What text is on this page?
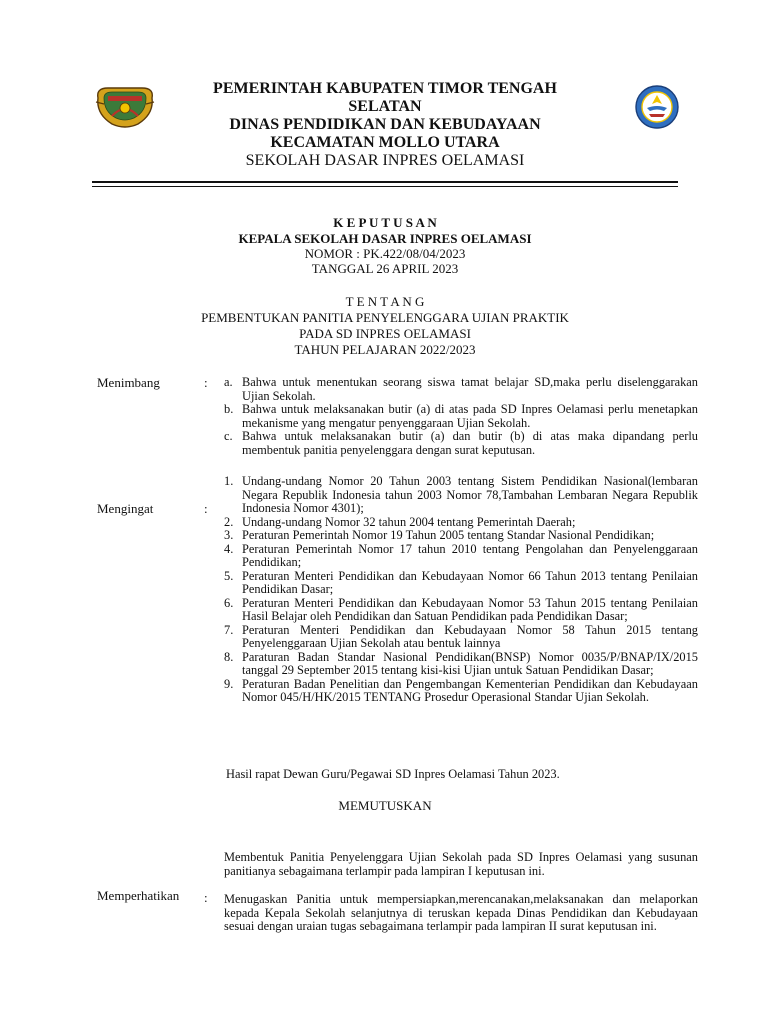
PEMERINTAH KABUPATEN TIMOR TENGAH
SELATAN
DINAS PENDIDIKAN DAN KEBUDAYAAN
KECAMATAN MOLLO UTARA
SEKOLAH DASAR INPRES OELAMASI
K E P U T U S A N
KEPALA SEKOLAH DASAR INPRES OELAMASI
NOMOR : PK.422/08/04/2023
TANGGAL 26 APRIL 2023
T E N T A N G
PEMBENTUKAN PANITIA PENYELENGGARA UJIAN PRAKTIK
PADA SD INPRES OELAMASI
TAHUN PELAJARAN 2022/2023
Menimbang	: a. Bahwa untuk menentukan seorang siswa tamat belajar SD,maka perlu diselenggarakan Ujian Sekolah.
b. Bahwa untuk melaksanakan butir (a) di atas pada SD Inpres Oelamasi perlu menetapkan mekanisme yang mengatur penyenggaraan Ujian Sekolah.
c. Bahwa untuk melaksanakan butir (a) dan butir (b) di atas maka dipandang perlu membentuk panitia penyelenggara dengan surat keputusan.
Mengingat	:
1. Undang-undang Nomor 20 Tahun 2003 tentang Sistem Pendidikan Nasional(lembaran Negara Republik Indonesia tahun 2003 Nomor 78,Tambahan Lembaran Negara Republik Indonesia Nomor 4301);
2. Undang-undang Nomor 32 tahun 2004 tentang Pemerintah Daerah;
3. Peraturan Pemerintah Nomor 19 Tahun 2005 tentang Standar Nasional Pendidikan;
4. Peraturan Pemerintah Nomor 17 tahun 2010 tentang Pengolahan dan Penyelenggaraan Pendidikan;
5. Peraturan Menteri Pendidikan dan Kebudayaan Nomor 66 Tahun 2013 tentang Penilaian Pendidikan Dasar;
6. Peraturan Menteri Pendidikan dan Kebudayaan Nomor 53 Tahun 2015 tentang Penilaian Hasil Belajar oleh Pendidikan dan Satuan Pendidikan pada Pendidikan Dasar;
7. Peraturan Menteri Pendidikan dan Kebudayaan Nomor 58 Tahun 2015 tentang Penyelenggaraan Ujian Sekolah atau bentuk lainnya
8. Paraturan Badan Standar Nasional Pendidikan(BNSP) Nomor 0035/P/BNAP/IX/2015 tanggal 29 September 2015 tentang kisi-kisi Ujian untuk Satuan Pendidikan Dasar;
9. Peraturan Badan Penelitian dan Pengembangan Kementerian Pendidikan dan Kebudayaan Nomor 045/H/HK/2015 TENTANG Prosedur Operasional Standar Ujian Sekolah.
Hasil rapat Dewan Guru/Pegawai SD Inpres Oelamasi Tahun 2023.
MEMUTUSKAN
Memperhatikan :
Membentuk Panitia Penyelenggara Ujian Sekolah pada SD Inpres Oelamasi yang susunan panitianya sebagaimana terlampir pada lampiran I keputusan ini.
Menugaskan Panitia untuk mempersiapkan,merencanakan,melaksanakan dan melaporkan kepada Kepala Sekolah selanjutnya di teruskan kepada Dinas Pendidikan dan Kebudayaan sesuai dengan uraian tugas sebagaimana terlampir pada lampiran II surat keputusan ini.
